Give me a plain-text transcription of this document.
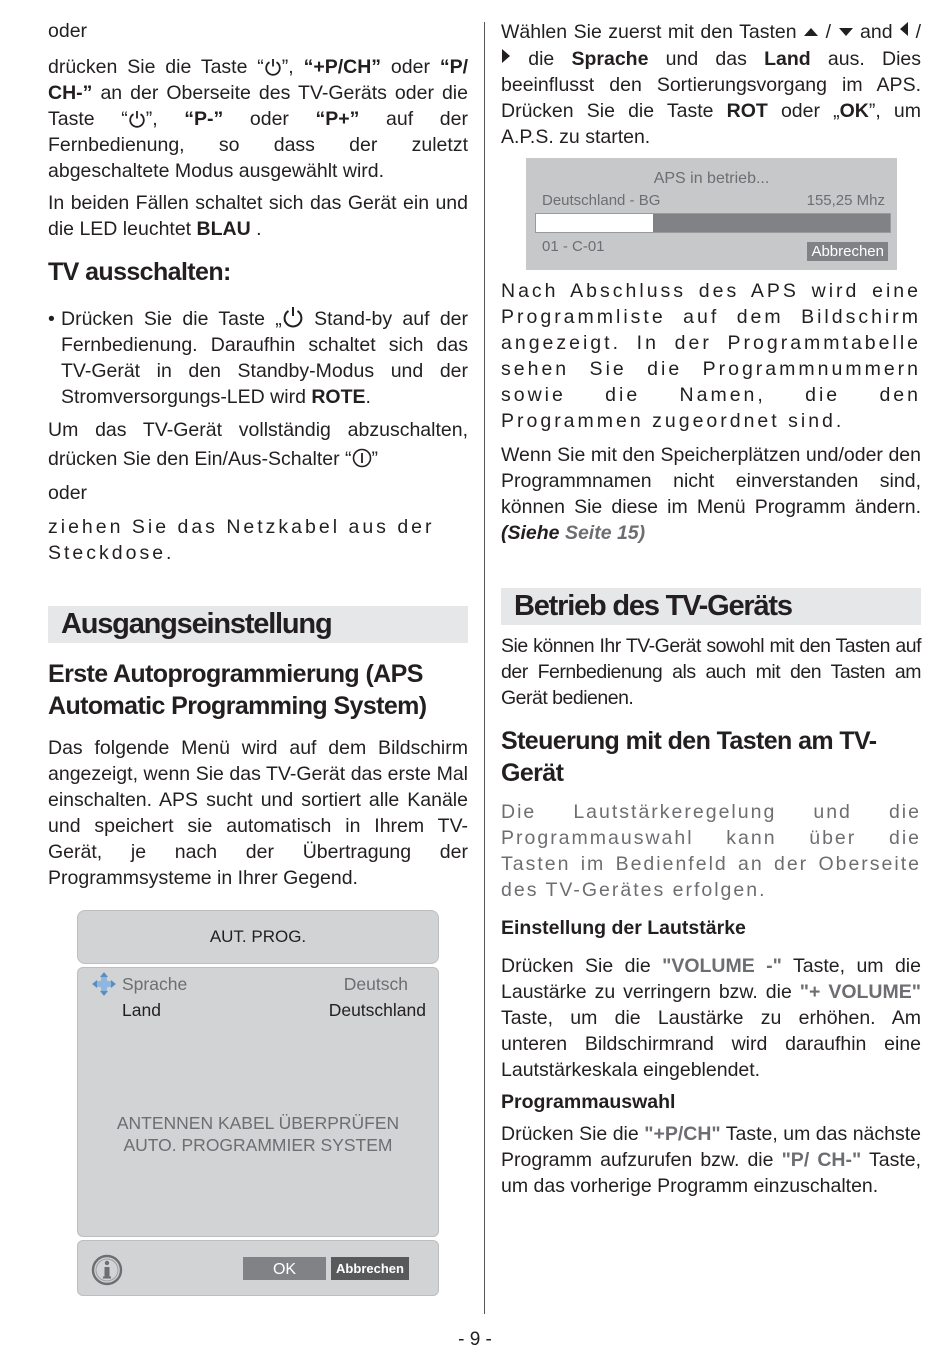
oder

drücken Sie die Taste “ ”, “+P/CH” oder “P/ CH-” an der Oberseite des TV-Geräts oder die Taste “ ”, “P-” oder “P+” auf der Fernbedienung, so dass der zuletzt abgeschaltete Modus ausgewählt wird.

In beiden Fällen schaltet sich das Gerät ein und die LED leuchtet BLAU .

TV ausschalten:

• Drücken Sie die Taste „
Stand-by auf der Fernbedienung. Daraufhin schaltet sich das TV-Gerät in den Standby-Modus und der Stromversorgungs-LED wird ROTE.

Um das TV-Gerät vollständig abzuschalten, drücken Sie den Ein/Aus-Schalter “ ”

oder

ziehen Sie das Netzkabel aus der Steckdose.

Ausgangseinstellung
Erste Autoprogrammierung (APS Automatic Programming System)

Das folgende Menü wird auf dem Bildschirm angezeigt, wenn Sie das TV-Gerät das erste Mal einschalten. APS sucht und sortiert alle Kanäle und speichert sie automatisch in Ihrem TV-Gerät, je nach der Übertragung der Programmsysteme in Ihrer Gegend.

AUT. PROG.
Sprache	Deutsch
Land	Deutschland
ANTENNEN KABEL ÜBERPRÜFEN
AUTO. PROGRAMMIER SYSTEM
OK	Abbrechen

Wählen Sie zuerst mit den Tasten  /  and  /  die Sprache und das Land aus. Dies beeinflusst den Sortierungsvorgang im APS. Drücken Sie die Taste ROT oder „OK”, um A.P.S. zu starten.

APS in betrieb...
Deutschland - BG	155,25 Mhz
01 - C-01	Abbrechen

Nach Abschluss des APS wird eine Programmliste auf dem Bildschirm angezeigt. In der Programmtabelle sehen Sie die Programmnummern sowie die Namen, die den Programmen zugeordnet sind.

Wenn Sie mit den Speicherplätzen und/oder den Programmnamen nicht einverstanden sind, können Sie diese im Menü Programm ändern. (Siehe Seite 15)

Betrieb des TV-Geräts

Sie können Ihr TV-Gerät sowohl mit den Tasten auf der Fernbedienung als auch mit den Tasten am Gerät bedienen.

Steuerung mit den Tasten am TV-Gerät

Die Lautstärkeregelung und die Programmauswahl kann über die Tasten im Bedienfeld an der Oberseite des TV-Gerätes erfolgen.

Einstellung der Lautstärke

Drücken Sie die "VOLUME -" Taste, um die Laustärke zu verringern bzw. die "+ VOLUME" Taste, um die Laustärke zu erhöhen. Am unteren Bildschirmrand wird daraufhin eine Lautstärkeskala eingeblendet.

Programmauswahl

Drücken Sie die "+P/CH" Taste, um das nächste Programm aufzurufen bzw. die "P/ CH-" Taste, um das vorherige Programm einzuschalten.

- 9 -
